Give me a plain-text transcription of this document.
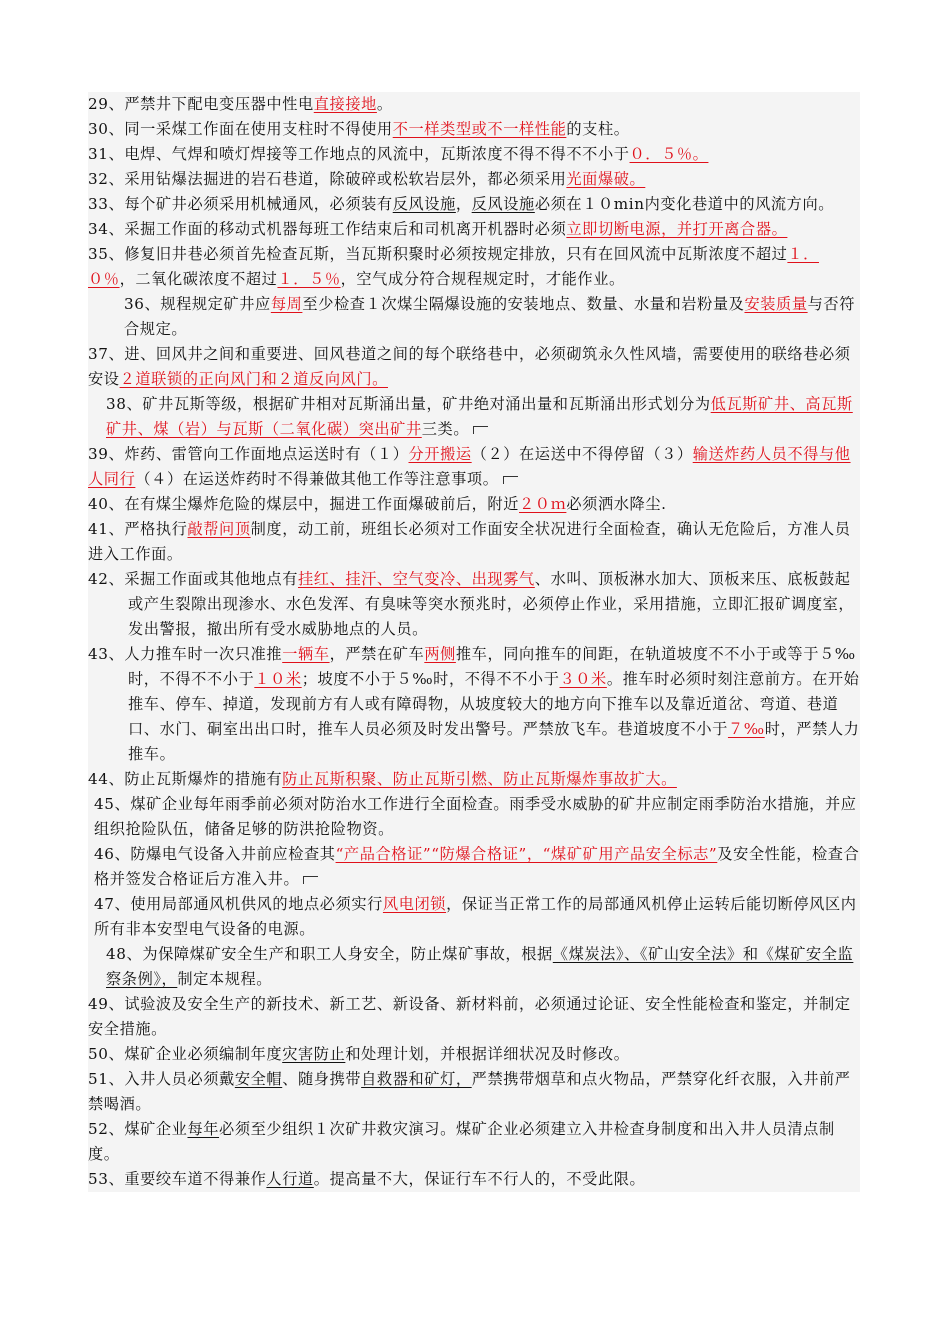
29、严禁井下配电变压器中性电直接接地。
30、同一采煤工作面在使用支柱时不得使用不一样类型或不一样性能的支柱。
31、电焊、气焊和喷灯焊接等工作地点的风流中，瓦斯浓度不得不得不不小于０．５％。
32、采用钻爆法掘进的岩石巷道，除破碎或松软岩层外，都必须采用光面爆破。
33、每个矿井必须采用机械通风，必须装有反风设施，反风设施必须在１０min内变化巷道中的风流方向。
34、采掘工作面的移动式机器每班工作结束后和司机离开机器时必须立即切断电源，并打开离合器。
35、修复旧井巷必须首先检查瓦斯，当瓦斯积聚时必须按规定排放，只有在回风流中瓦斯浓度不超过１．０％，二氧化碳浓度不超过１．５％，空气成分符合规程规定时，才能作业。
36、规程规定矿井应每周至少检查１次煤尘隔爆设施的安装地点、数量、水量和岩粉量及安装质量与否符合规定。
37、进、回风井之间和重要进、回风巷道之间的每个联络巷中，必须砌筑永久性风墙，需要使用的联络巷必须安设２道联锁的正向风门和２道反向风门。
38、矿井瓦斯等级，根据矿井相对瓦斯涌出量，矿井绝对涌出量和瓦斯涌出形式划分为低瓦斯矿井、高瓦斯矿井、煤（岩）与瓦斯（二氧化碳）突出矿井三类。
39、炸药、雷管向工作面地点运送时有（１）分开搬运（２）在运送中不得停留（３）输送炸药人员不得与他人同行（４）在运送炸药时不得兼做其他工作等注意事项。
40、在有煤尘爆炸危险的煤层中，掘进工作面爆破前后，附近２０ｍ必须洒水降尘.
41、严格执行敲帮问顶制度，动工前，班组长必须对工作面安全状况进行全面检查，确认无危险后，方准人员进入工作面。
42、采掘工作面或其他地点有挂红、挂汗、空气变冷、出现雾气、水叫、顶板淋水加大、顶板来压、底板鼓起或产生裂隙出现渗水、水色发浑、有臭味等突水预兆时，必须停止作业，采用措施，立即汇报矿调度室，发出警报，撤出所有受水威胁地点的人员。
43、人力推车时一次只准推一辆车，严禁在矿车两侧推车，同向推车的间距，在轨道坡度不不小于或等于５‰时，不得不不小于１０米；坡度不小于５‰时，不得不不小于３０米。推车时必须时刻注意前方。在开始推车、停车、掉道，发现前方有人或有障碍物，从坡度较大的地方向下推车以及靠近道岔、弯道、巷道口、水门、硐室出出口时，推车人员必须及时发出警号。严禁放飞车。巷道坡度不小于７‰时，严禁人力推车。
44、防止瓦斯爆炸的措施有防止瓦斯积聚、防止瓦斯引燃、防止瓦斯爆炸事故扩大。
45、煤矿企业每年雨季前必须对防治水工作进行全面检查。雨季受水威胁的矿井应制定雨季防治水措施，并应组织抢险队伍，储备足够的防洪抢险物资。
46、防爆电气设备入井前应检查其“产品合格证”“防爆合格证”，“煤矿矿用产品安全标志”及安全性能，检查合格并签发合格证后方准入井。
47、使用局部通风机供风的地点必须实行风电闭锁，保证当正常工作的局部通风机停止运转后能切断停风区内所有非本安型电气设备的电源。
48、为保障煤矿安全生产和职工人身安全，防止煤矿事故，根据《煤炭法》、《矿山安全法》和《煤矿安全监察条例》，制定本规程。
49、试验波及安全生产的新技术、新工艺、新设备、新材料前，必须通过论证、安全性能检查和鉴定，并制定安全措施。
50、煤矿企业必须编制年度灾害防止和处理计划，并根据详细状况及时修改。
51、入井人员必须戴安全帽、随身携带自救器和矿灯，严禁携带烟草和点火物品，严禁穿化纤衣服，入井前严禁喝酒。
52、煤矿企业每年必须至少组织１次矿井救灾演习。煤矿企业必须建立入井检查身制度和出入井人员清点制度。
53、重要绞车道不得兼作人行道。提高量不大，保证行车不行人的，不受此限。
